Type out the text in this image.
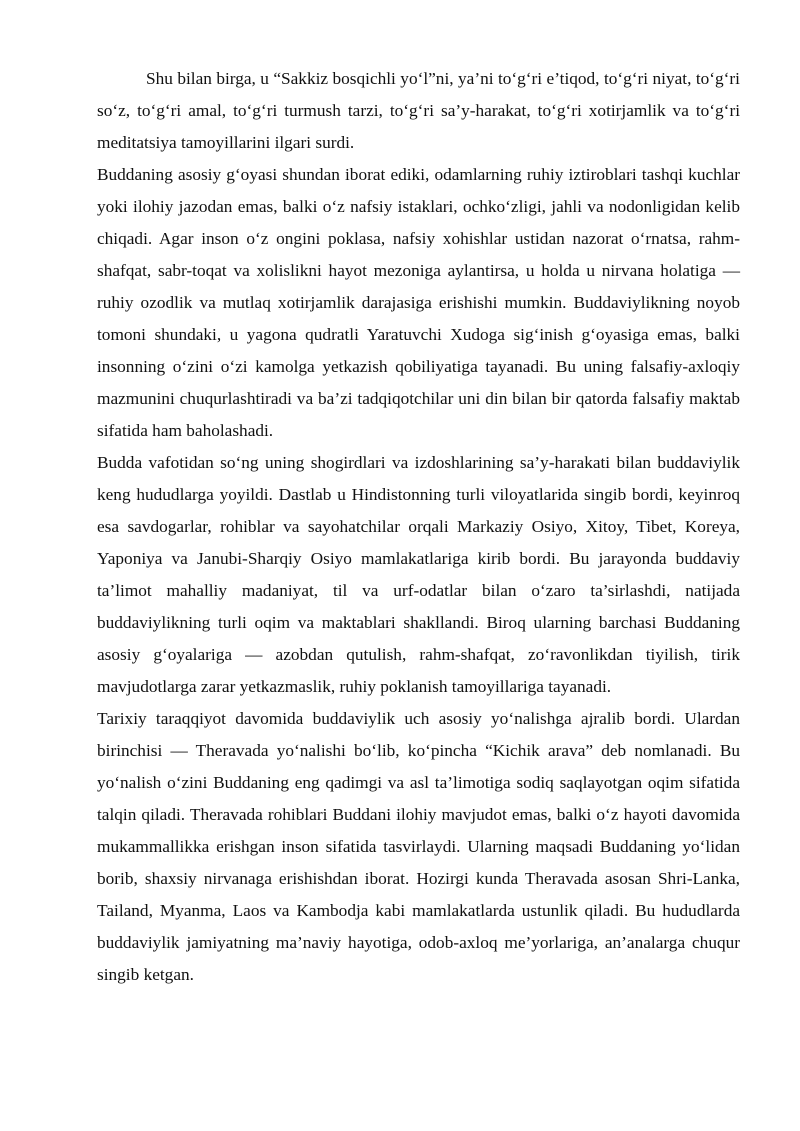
Shu bilan birga, u “Sakkiz bosqichli yo‘l”ni, ya’ni to‘g‘ri e’tiqod, to‘g‘ri niyat, to‘g‘ri so‘z, to‘g‘ri amal, to‘g‘ri turmush tarzi, to‘g‘ri sa’y-harakat, to‘g‘ri xotirjamlik va to‘g‘ri meditatsiya tamoyillarini ilgari surdi.

Buddaning asosiy g‘oyasi shundan iborat ediki, odamlarning ruhiy iztiroblari tashqi kuchlar yoki ilohiy jazodan emas, balki o‘z nafsiy istaklari, ochko‘zligi, jahli va nodonligidan kelib chiqadi. Agar inson o‘z ongini poklasa, nafsiy xohishlar ustidan nazorat o‘rnatsa, rahm-shafqat, sabr-toqat va xolislikni hayot mezoniga aylantirsa, u holda u nirvana holatiga — ruhiy ozodlik va mutlaq xotirjamlik darajasiga erishishi mumkin. Buddaviylikning noyob tomoni shundaki, u yagona qudratli Yaratuvchi Xudoga sig‘inish g‘oyasiga emas, balki insonning o‘zini o‘zi kamolga yetkazish qobiliyatiga tayanadi. Bu uning falsafiy-axloqiy mazmunini chuqurlashtiradi va ba’zi tadqiqotchilar uni din bilan bir qatorda falsafiy maktab sifatida ham baholashadi.

Budda vafotidan so‘ng uning shogirdlari va izdoshlarining sa’y-harakati bilan buddaviylik keng hududlarga yoyildi. Dastlab u Hindistonning turli viloyatlarida singib bordi, keyinroq esa savdogarlar, rohiblar va sayohatchilar orqali Markaziy Osiyo, Xitoy, Tibet, Koreya, Yaponiya va Janubi-Sharqiy Osiyo mamlakatlariga kirib bordi. Bu jarayonda buddaviy ta’limot mahalliy madaniyat, til va urf-odatlar bilan o‘zaro ta’sirlashdi, natijada buddaviylikning turli oqim va maktablari shakllandi. Biroq ularning barchasi Buddaning asosiy g‘oyalariga — azobdan qutulish, rahm-shafqat, zo‘ravonlikdan tiyilish, tirik mavjudotlarga zarar yetkazmaslik, ruhiy poklanish tamoyillariga tayanadi.

Tarixiy taraqqiyot davomida buddaviylik uch asosiy yo‘nalishga ajralib bordi. Ulardan birinchisi — Theravada yo‘nalishi bo‘lib, ko‘pincha “Kichik arava” deb nomlanadi. Bu yo‘nalish o‘zini Buddaning eng qadimgi va asl ta’limotiga sodiq saqlayotgan oqim sifatida talqin qiladi. Theravada rohiblari Buddani ilohiy mavjudot emas, balki o‘z hayoti davomida mukammallikka erishgan inson sifatida tasvirlaydi. Ularning maqsadi Buddaning yo‘lidan borib, shaxsiy nirvanaga erishishdan iborat. Hozirgi kunda Theravada asosan Shri-Lanka, Tailand, Myanma, Laos va Kambodja kabi mamlakatlarda ustunlik qiladi. Bu hududlarda buddaviylik jamiyatning ma’naviy hayotiga, odob-axloq me’yorlariga, an’analarga chuqur singib ketgan.
